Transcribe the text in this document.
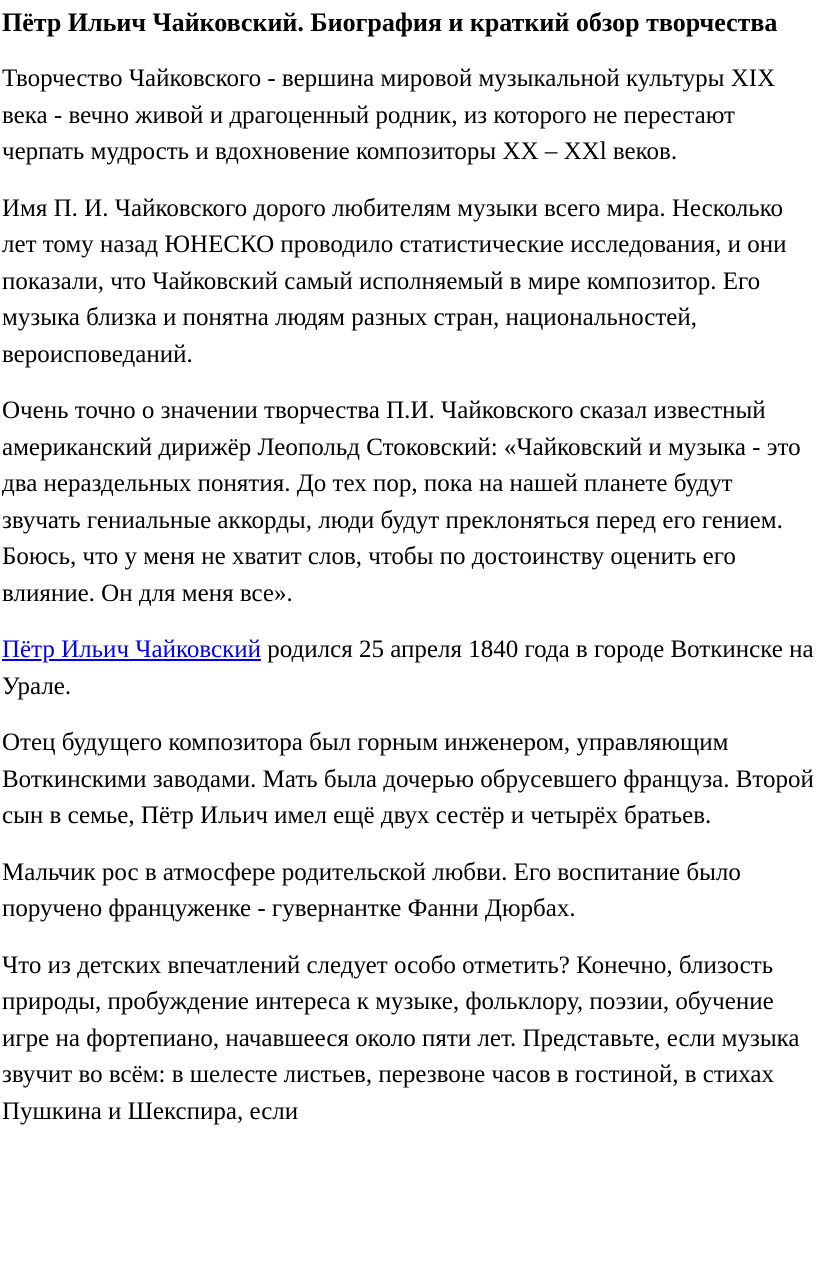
Пётр Ильич Чайковский. Биография и краткий обзор творчества

Творчество Чайковского - вершина мировой музыкальной культуры XIX века - вечно живой и драгоценный родник, из которого не перестают черпать мудрость и вдохновение композиторы XX – XXl веков.

Имя П. И. Чайковского дорого любителям музыки всего мира. Несколько лет тому назад ЮНЕСКО проводило статистические исследования, и они показали, что Чайковский самый исполняемый в мире композитор. Его музыка близка и понятна людям разных стран, национальностей, вероисповеданий.

Очень точно о значении творчества П.И. Чайковского сказал известный американский дирижёр Леопольд Стоковский: «Чайковский и музыка - это два нераздельных понятия. До тех пор, пока на нашей планете будут звучать гениальные аккорды, люди будут преклоняться перед его гением. Боюсь, что у меня не хватит слов, чтобы по достоинству оценить его влияние. Он для меня все».

Пётр Ильич Чайковский родился 25 апреля 1840 года в городе Воткинске на Урале.

Отец будущего композитора был горным инженером, управляющим Воткинскими заводами. Мать была дочерью обрусевшего француза. Второй сын в семье, Пётр Ильич имел ещё двух сестёр и четырёх братьев.

Мальчик рос в атмосфере родительской любви. Его воспитание было поручено француженке - гувернантке Фанни Дюрбах.

Что из детских впечатлений следует особо отметить? Конечно, близость природы, пробуждение интереса к музыке, фольклору, поэзии, обучение игре на фортепиано, начавшееся около пяти лет. Представьте, если музыка звучит во всём: в шелесте листьев, перезвоне часов в гостиной, в стихах Пушкина и Шекспира, если
